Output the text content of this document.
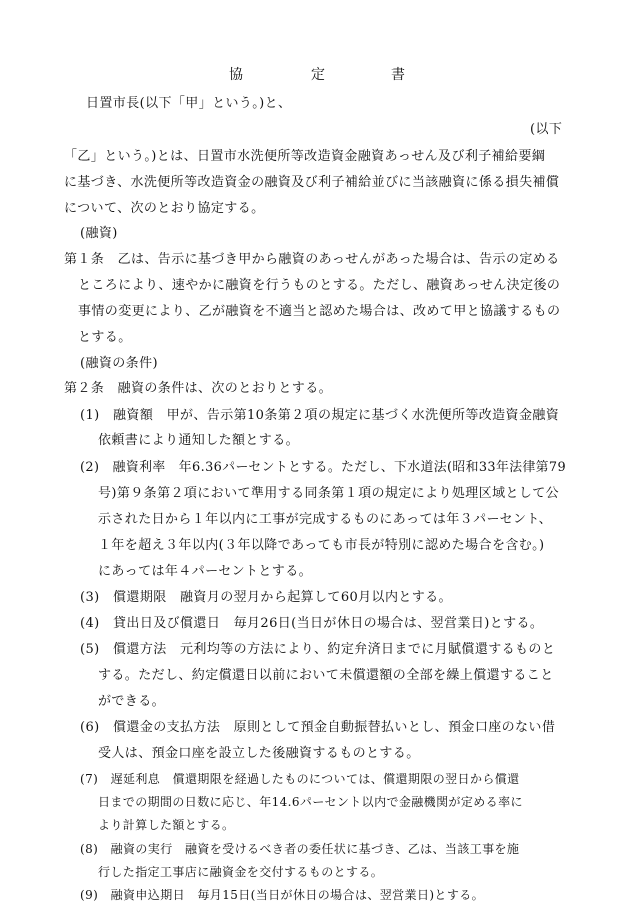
協	定	書
日置市長(以下「甲」という。)と、
(以下
「乙」という。)とは、日置市水洗便所等改造資金融資あっせん及び利子補給要綱
に基づき、水洗便所等改造資金の融資及び利子補給並びに当該融資に係る損失補償
について、次のとおり協定する。
(融資)
第１条　乙は、告示に基づき甲から融資のあっせんがあった場合は、告示の定める
ところにより、速やかに融資を行うものとする。ただし、融資あっせん決定後の
事情の変更により、乙が融資を不適当と認めた場合は、改めて甲と協議するもの
とする。
(融資の条件)
第２条　融資の条件は、次のとおりとする。
(1)　融資額　甲が、告示第10条第２項の規定に基づく水洗便所等改造資金融資
依頼書により通知した額とする。
(2)　融資利率　年6.36パーセントとする。ただし、下水道法(昭和33年法律第79
号)第９条第２項において準用する同条第１項の規定により処理区域として公
示された日から１年以内に工事が完成するものにあっては年３パーセント、
１年を超え３年以内(３年以降であっても市長が特別に認めた場合を含む。)
にあっては年４パーセントとする。
(3)　償還期限　融資月の翌月から起算して60月以内とする。
(4)　貸出日及び償還日　毎月26日(当日が休日の場合は、翌営業日)とする。
(5)　償還方法　元利均等の方法により、約定弁済日までに月賦償還するものと
する。ただし、約定償還日以前において未償還額の全部を繰上償還すること
ができる。
(6)　償還金の支払方法　原則として預金自動振替払いとし、預金口座のない借
受人は、預金口座を設立した後融資するものとする。
(7)　遅延利息　償還期限を経過したものについては、償還期限の翌日から償還
日までの期間の日数に応じ、年14.6パーセント以内で金融機関が定める率に
より計算した額とする。
(8)　融資の実行　融資を受けるべき者の委任状に基づき、乙は、当該工事を施
行した指定工事店に融資金を交付するものとする。
(9)　融資申込期日　毎月15日(当日が休日の場合は、翌営業日)とする。
